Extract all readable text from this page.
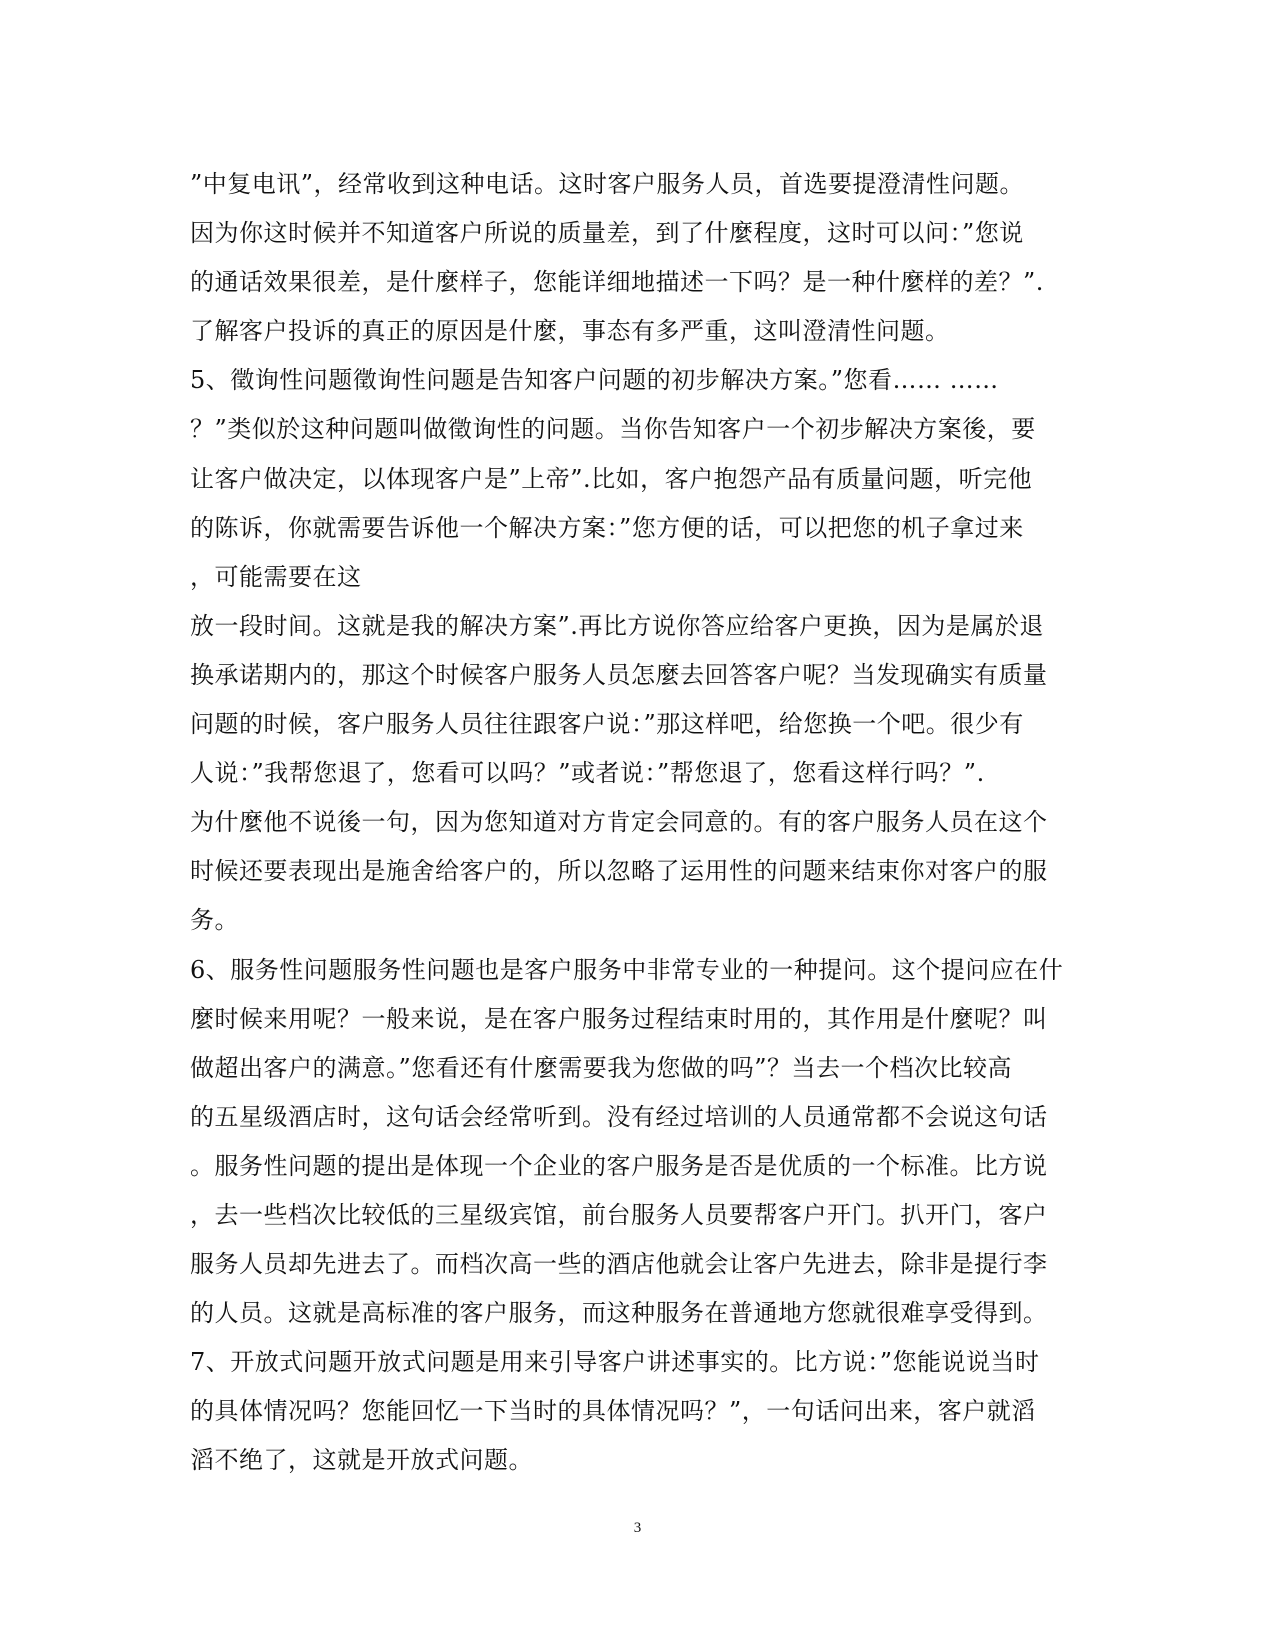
”中复电讯”，经常收到这种电话。这时客户服务人员，首选要提澄清性问题。
因为你这时候并不知道客户所说的质量差，到了什麼程度，这时可以问：”您说
的通话效果很差，是什麼样子，您能详细地描述一下吗？是一种什麼样的差？”.
了解客户投诉的真正的原因是什麼，事态有多严重，这叫澄清性问题。
5、徵询性问题徵询性问题是告知客户问题的初步解决方案。”您看…… ……
？”类似於这种问题叫做徵询性的问题。当你告知客户一个初步解决方案後，要
让客户做决定，以体现客户是”上帝”.比如，客户抱怨产品有质量问题，听完他
的陈诉，你就需要告诉他一个解决方案：”您方便的话，可以把您的机子拿过来
，可能需要在这
放一段时间。这就是我的解决方案”.再比方说你答应给客户更换，因为是属於退
换承诺期内的，那这个时候客户服务人员怎麼去回答客户呢？当发现确实有质量
问题的时候，客户服务人员往往跟客户说：”那这样吧，给您换一个吧。很少有
人说：”我帮您退了，您看可以吗？”或者说：”帮您退了，您看这样行吗？”.
为什麼他不说後一句，因为您知道对方肯定会同意的。有的客户服务人员在这个
时候还要表现出是施舍给客户的，所以忽略了运用性的问题来结束你对客户的服
务。
6、服务性问题服务性问题也是客户服务中非常专业的一种提问。这个提问应在什
麼时候来用呢？一般来说，是在客户服务过程结束时用的，其作用是什麼呢？叫
做超出客户的满意。”您看还有什麼需要我为您做的吗”？当去一个档次比较高
的五星级酒店时，这句话会经常听到。没有经过培训的人员通常都不会说这句话
。服务性问题的提出是体现一个企业的客户服务是否是优质的一个标准。比方说
，去一些档次比较低的三星级宾馆，前台服务人员要帮客户开门。扒开门，客户
服务人员却先进去了。而档次高一些的酒店他就会让客户先进去，除非是提行李
的人员。这就是高标准的客户服务，而这种服务在普通地方您就很难享受得到。
7、开放式问题开放式问题是用来引导客户讲述事实的。比方说：”您能说说当时
的具体情况吗？您能回忆一下当时的具体情况吗？”，一句话问出来，客户就滔
滔不绝了，这就是开放式问题。
3
